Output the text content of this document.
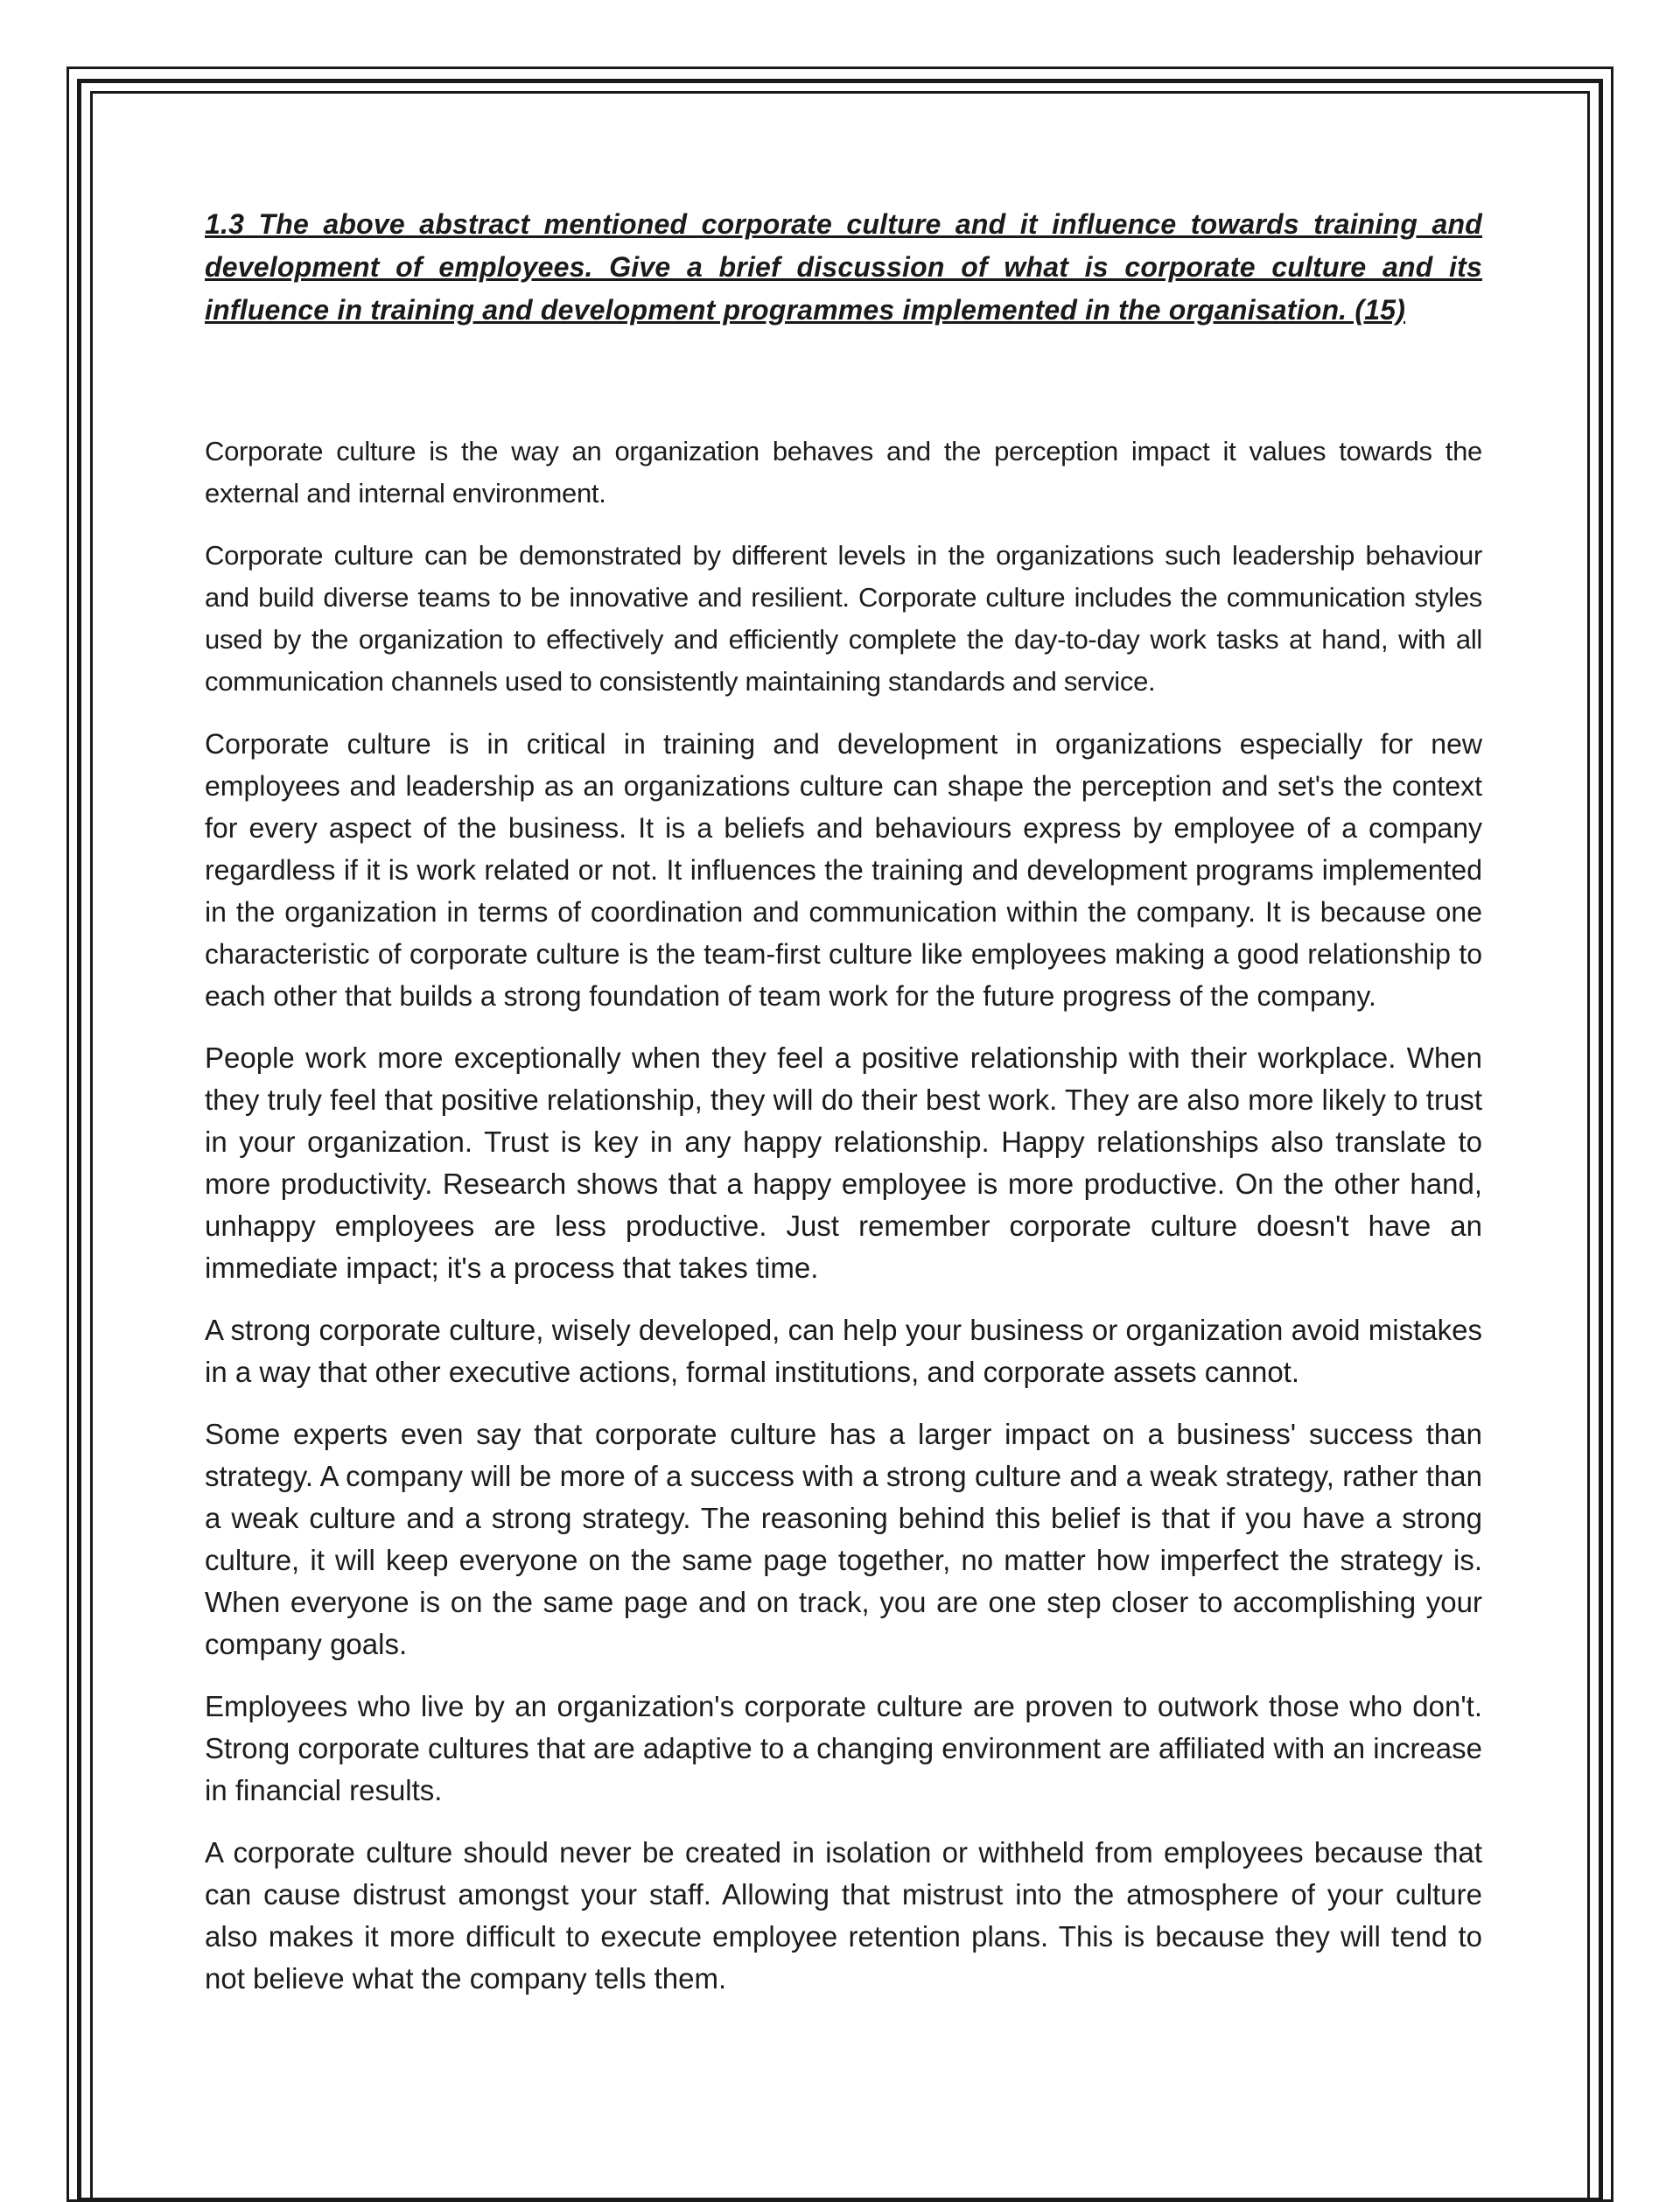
1.3 The above abstract mentioned corporate culture and it influence towards training and development of employees. Give a brief discussion of what is corporate culture and its influence in training and development programmes implemented in the organisation. (15)

Corporate culture is the way an organization behaves and the perception impact it values towards the external and internal environment.

Corporate culture can be demonstrated by different levels in the organizations such leadership behaviour and build diverse teams to be innovative and resilient. Corporate culture includes the communication styles used by the organization to effectively and efficiently complete the day-to-day work tasks at hand, with all communication channels used to consistently maintaining standards and service.

Corporate culture is in critical in training and development in organizations especially for new employees and leadership as an organizations culture can shape the perception and set's the context for every aspect of the business. It is a beliefs and behaviours express by employee of a company regardless if it is work related or not. It influences the training and development programs implemented in the organization in terms of coordination and communication within the company. It is because one characteristic of corporate culture is the team-first culture like employees making a good relationship to each other that builds a strong foundation of team work for the future progress of the company.

People work more exceptionally when they feel a positive relationship with their workplace. When they truly feel that positive relationship, they will do their best work. They are also more likely to trust in your organization. Trust is key in any happy relationship. Happy relationships also translate to more productivity. Research shows that a happy employee is more productive. On the other hand, unhappy employees are less productive. Just remember corporate culture doesn't have an immediate impact; it's a process that takes time.

A strong corporate culture, wisely developed, can help your business or organization avoid mistakes in a way that other executive actions, formal institutions, and corporate assets cannot.

Some experts even say that corporate culture has a larger impact on a business' success than strategy. A company will be more of a success with a strong culture and a weak strategy, rather than a weak culture and a strong strategy. The reasoning behind this belief is that if you have a strong culture, it will keep everyone on the same page together, no matter how imperfect the strategy is. When everyone is on the same page and on track, you are one step closer to accomplishing your company goals.

Employees who live by an organization's corporate culture are proven to outwork those who don't. Strong corporate cultures that are adaptive to a changing environment are affiliated with an increase in financial results.

A corporate culture should never be created in isolation or withheld from employees because that can cause distrust amongst your staff. Allowing that mistrust into the atmosphere of your culture also makes it more difficult to execute employee retention plans. This is because they will tend to not believe what the company tells them.
